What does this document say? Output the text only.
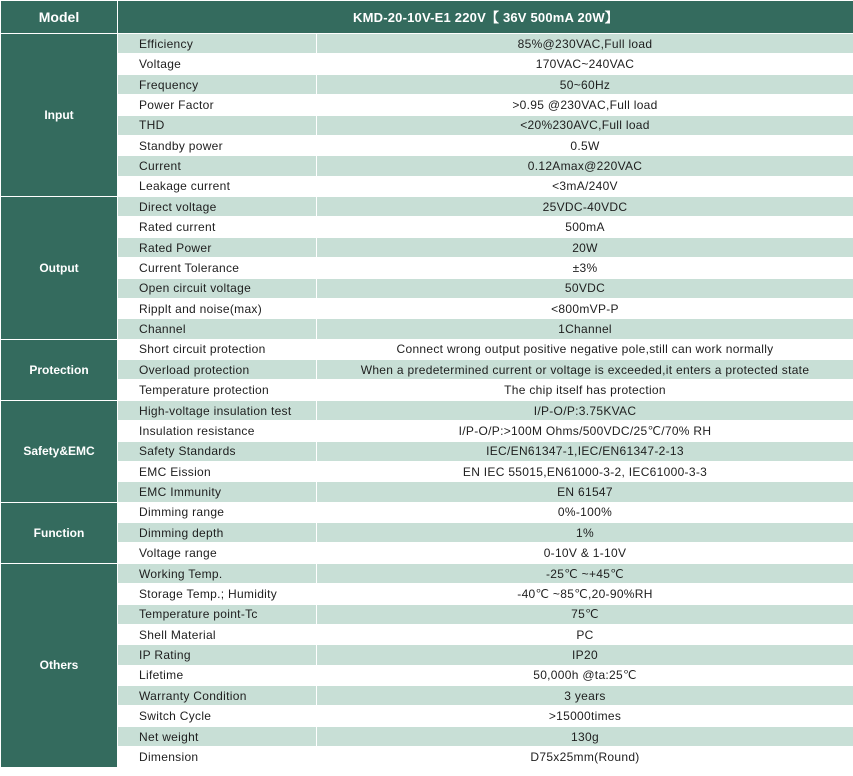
Model	KMD-20-10V-E1 220V【 36V 500mA 20W】	
Input	Efficiency	85%@230VAC,Full load
	Voltage	170VAC~240VAC
	Frequency	50~60Hz
	Power Factor	>0.95 @230VAC,Full load
	THD	<20%230AVC,Full load
	Standby power	0.5W
	Current	0.12Amax@220VAC
	Leakage current	<3mA/240V
Output	Direct voltage	25VDC-40VDC
	Rated current	500mA
	Rated Power	20W
	Current Tolerance	±3%
	Open circuit voltage	50VDC
	Ripplt and noise(max)	<800mVP-P
	Channel	1Channel
Protection	Short circuit protection	Connect wrong output positive negative pole,still can work normally
	Overload protection	When a predetermined current or voltage is exceeded,it enters a protected state
	Temperature protection	The chip itself has protection
Safety&EMC	High-voltage insulation test	I/P-O/P:3.75KVAC
	Insulation resistance	I/P-O/P:>100M Ohms/500VDC/25℃/70% RH
	Safety Standards	IEC/EN61347-1,IEC/EN61347-2-13
	EMC Eission	EN IEC 55015,EN61000-3-2, IEC61000-3-3
	EMC Immunity	EN 61547
Function	Dimming range	0%-100%
	Dimming depth	1%
	Voltage range	0-10V & 1-10V
Others	Working Temp.	-25℃ ~+45℃
	Storage Temp.; Humidity	-40℃ ~85℃,20-90%RH
	Temperature point-Tc	75℃
	Shell Material	PC
	IP Rating	IP20
	Lifetime	50,000h @ta:25℃
	Warranty Condition	3 years
	Switch Cycle	>15000times
	Net weight	130g
	Dimension	D75x25mm(Round)
